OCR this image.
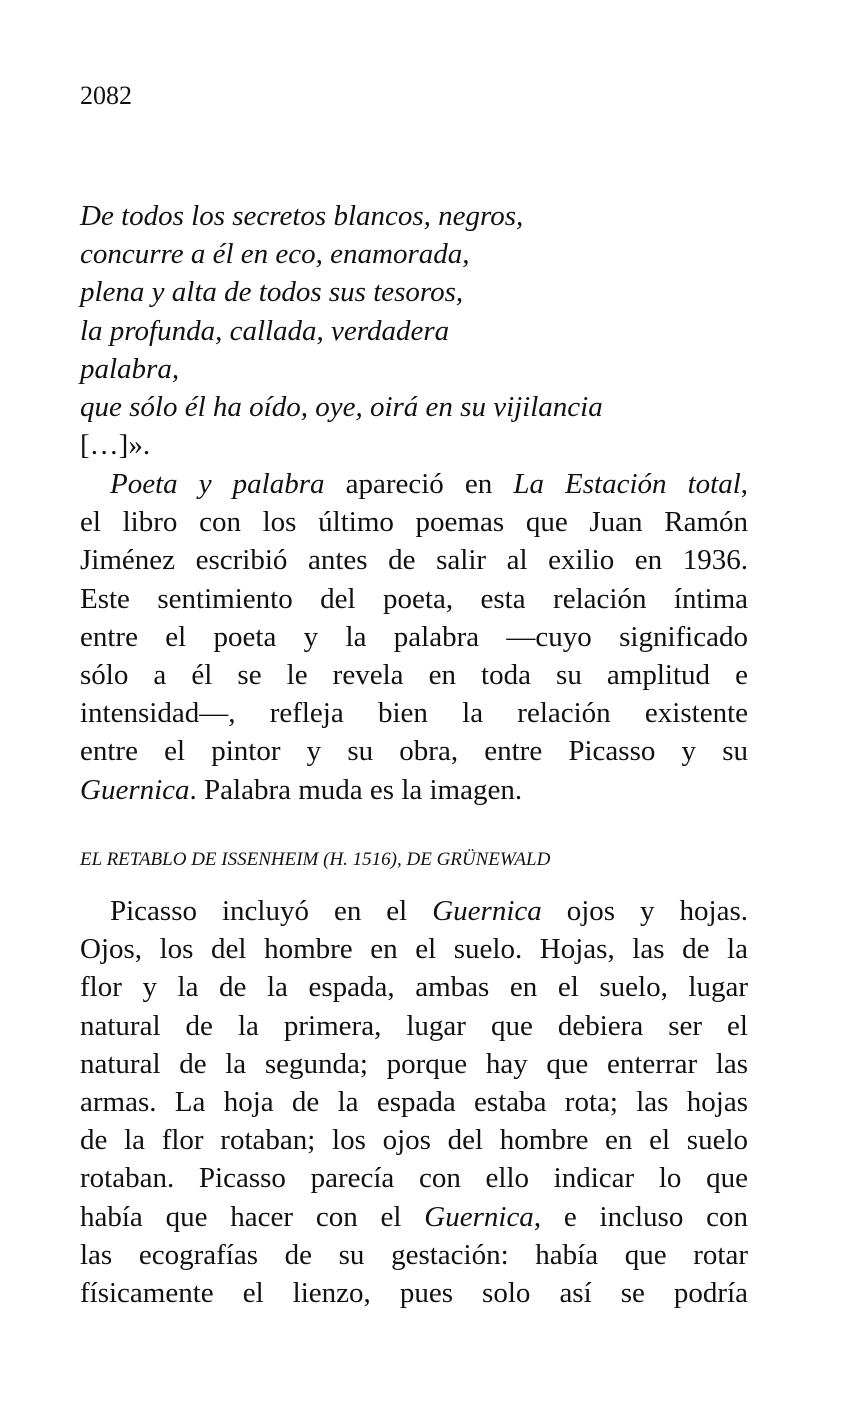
2082
De todos los secretos blancos, negros,
concurre a él en eco, enamorada,
plena y alta de todos sus tesoros,
la profunda, callada, verdadera
palabra,
que sólo él ha oído, oye, oirá en su vijilancia
[…]».
Poeta y palabra apareció en La Estación total,
el libro con los último poemas que Juan Ramón
Jiménez escribió antes de salir al exilio en 1936.
Este sentimiento del poeta, esta relación íntima
entre el poeta y la palabra —cuyo significado
sólo a él se le revela en toda su amplitud e
intensidad—, refleja bien la relación existente
entre el pintor y su obra, entre Picasso y su
Guernica. Palabra muda es la imagen.
EL RETABLO DE ISSENHEIM (H. 1516), DE GRÜNEWALD
Picasso incluyó en el Guernica ojos y hojas.
Ojos, los del hombre en el suelo. Hojas, las de la
flor y la de la espada, ambas en el suelo, lugar
natural de la primera, lugar que debiera ser el
natural de la segunda; porque hay que enterrar las
armas. La hoja de la espada estaba rota; las hojas
de la flor rotaban; los ojos del hombre en el suelo
rotaban. Picasso parecía con ello indicar lo que
había que hacer con el Guernica, e incluso con
las ecografías de su gestación: había que rotar
físicamente el lienzo, pues solo así se podría
